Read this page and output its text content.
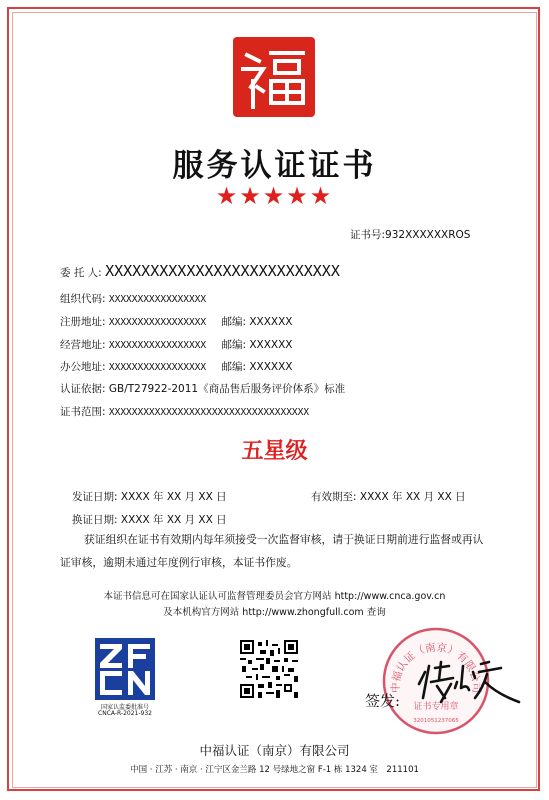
服务认证证书
★★★★★
证书号:932XXXXXXROS
委 托 人: XXXXXXXXXXXXXXXXXXXXXXXXXX
组织代码: XXXXXXXXXXXXXXXXX
注册地址: XXXXXXXXXXXXXXXXX 邮编: XXXXXX
经营地址: XXXXXXXXXXXXXXXXX 邮编: XXXXXX
办公地址: XXXXXXXXXXXXXXXXX 邮编: XXXXXX
认证依据: GB/T27922-2011《商品售后服务评价体系》标准
证书范围: XXXXXXXXXXXXXXXXXXXXXXXXXXXXXXXXXXX
五星级
发证日期: XXXX 年 XX 月 XX 日	有效期至: XXXX 年 XX 月 XX 日
换证日期: XXXX 年 XX 月 XX 日
获证组织在证书有效期内每年须接受一次监督审核，请于换证日期前进行监督或再认证审核，逾期未通过年度例行审核，本证书作废。
本证书信息可在国家认证认可监督管理委员会官方网站 http://www.cnca.gov.cn
及本机构官方网站 http://www.zhongfull.com 查询
国家认监委批准号
CNCA-R-2021-932
中福认证（南京）有限公司
证书专用章
3201051237065
签发:
中福认证（南京）有限公司
中国 · 江苏 · 南京 · 江宁区金兰路 12 号绿地之窗 F-1 栋 1324 室　211101
